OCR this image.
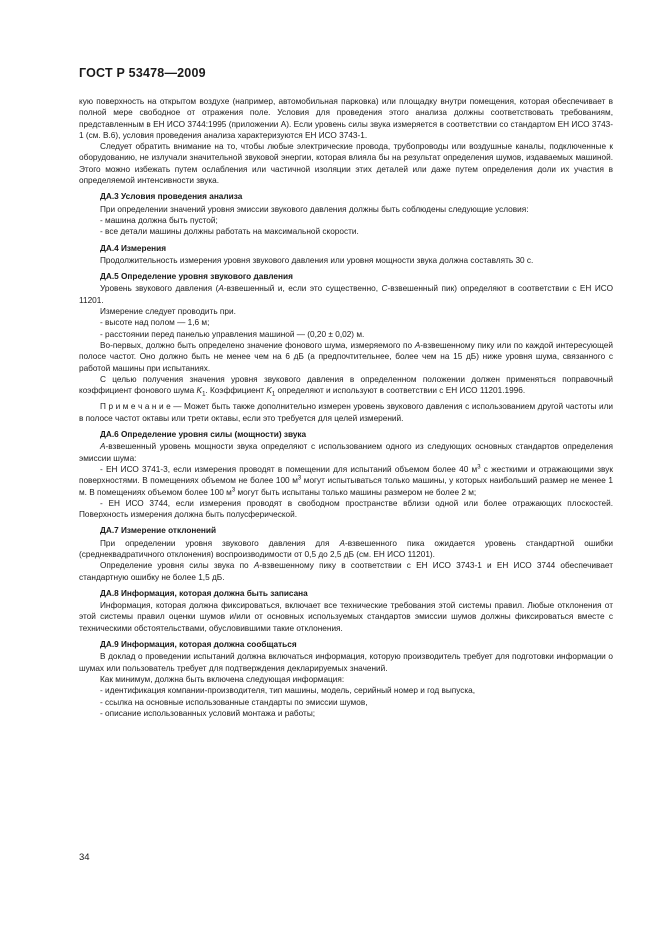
ГОСТ Р 53478—2009

кую поверхность на открытом воздухе (например, автомобильная парковка) или площадку внутри помещения, которая обеспечивает в полной мере свободное от отражения поле. Условия для проведения этого анализа должны соответствовать требованиям, представленным в ЕН ИСО 3744:1995 (приложении А). Если уровень силы звука измеряется в соответствии со стандартом ЕН ИСО 3743-1 (см. В.6), условия проведения анализа характеризуются ЕН ИСО 3743-1.

Следует обратить внимание на то, чтобы любые электрические провода, трубопроводы или воздушные каналы, подключенные к оборудованию, не излучали значительной звуковой энергии, которая влияла бы на результат определения шумов, издаваемых машиной. Этого можно избежать путем ослабления или частичной изоляции этих деталей или даже путем определения доли их участия в определяемой интенсивности звука.

ДА.3 Условия проведения анализа

При определении значений уровня эмиссии звукового давления должны быть соблюдены следующие условия:

- машина должна быть пустой;

- все детали машины должны работать на максимальной скорости.

ДА.4 Измерения

Продолжительность измерения уровня звукового давления или уровня мощности звука должна составлять 30 с.

ДА.5 Определение уровня звукового давления

Уровень звукового давления (А-взвешенный и, если это существенно, С-взвешенный пик) определяют в соответствии с ЕН ИСО 11201.

Измерение следует проводить при.

- высоте над полом — 1,6 м;

- расстоянии перед панелью управления машиной — (0,20 ± 0,02) м.

Во-первых, должно быть определено значение фонового шума, измеряемого по А-взвешенному пику или по каждой интересующей полосе частот. Оно должно быть не менее чем на 6 дБ (а предпочтительнее, более чем на 15 дБ) ниже уровня шума, связанного с работой машины при испытаниях.

С целью получения значения уровня звукового давления в определенном положении должен применяться поправочный коэффициент фонового шума $K_1$. Коэффициент $K_1$ определяют и используют в соответствии с ЕН ИСО 11201.1996.

П р и м е ч а н и е — Может быть также дополнительно измерен уровень звукового давления с использованием другой частоты или в полосе частот октавы или трети октавы, если это требуется для целей измерений.

ДА.6 Определение уровня силы (мощности) звука

А-взвешенный уровень мощности звука определяют с использованием одного из следующих основных стандартов определения эмиссии шума:

- ЕН ИСО 3741-3, если измерения проводят в помещении для испытаний объемом более 40 $м^3$ с жесткими и отражающими звук поверхностями. В помещениях объемом не более 100 $м^3$ могут испытываться только машины, у которых наибольший размер не менее 1 м. В помещениях объемом более 100 $м^3$ могут быть испытаны только машины размером не более 2 м;

- ЕН ИСО 3744, если измерения проводят в свободном пространстве вблизи одной или более отражающих плоскостей. Поверхность измерения должна быть полусферической.

ДА.7 Измерение отклонений

При определении уровня звукового давления для А-взвешенного пика ожидается уровень стандартной ошибки (среднеквадратичного отклонения) воспроизводимости от 0,5 до 2,5 дБ (см. ЕН ИСО 11201).

Определение уровня силы звука по А-взвешенному пику в соответствии с ЕН ИСО 3743-1 и ЕН ИСО 3744 обеспечивает стандартную ошибку не более 1,5 дБ.

ДА.8 Информация, которая должна быть записана

Информация, которая должна фиксироваться, включает все технические требования этой системы правил. Любые отклонения от этой системы правил оценки шумов и/или от основных используемых стандартов эмиссии шумов должны фиксироваться вместе с техническими обстоятельствами, обусловившими такие отклонения.

ДА.9 Информация, которая должна сообщаться

В доклад о проведении испытаний должна включаться информация, которую производитель требует для подготовки информации о шумах или пользователь требует для подтверждения декларируемых значений.

Как минимум, должна быть включена следующая информация:

- идентификация компании-производителя, тип машины, модель, серийный номер и год выпуска,

- ссылка на основные использованные стандарты по эмиссии шумов,

- описание использованных условий монтажа и работы;

34
